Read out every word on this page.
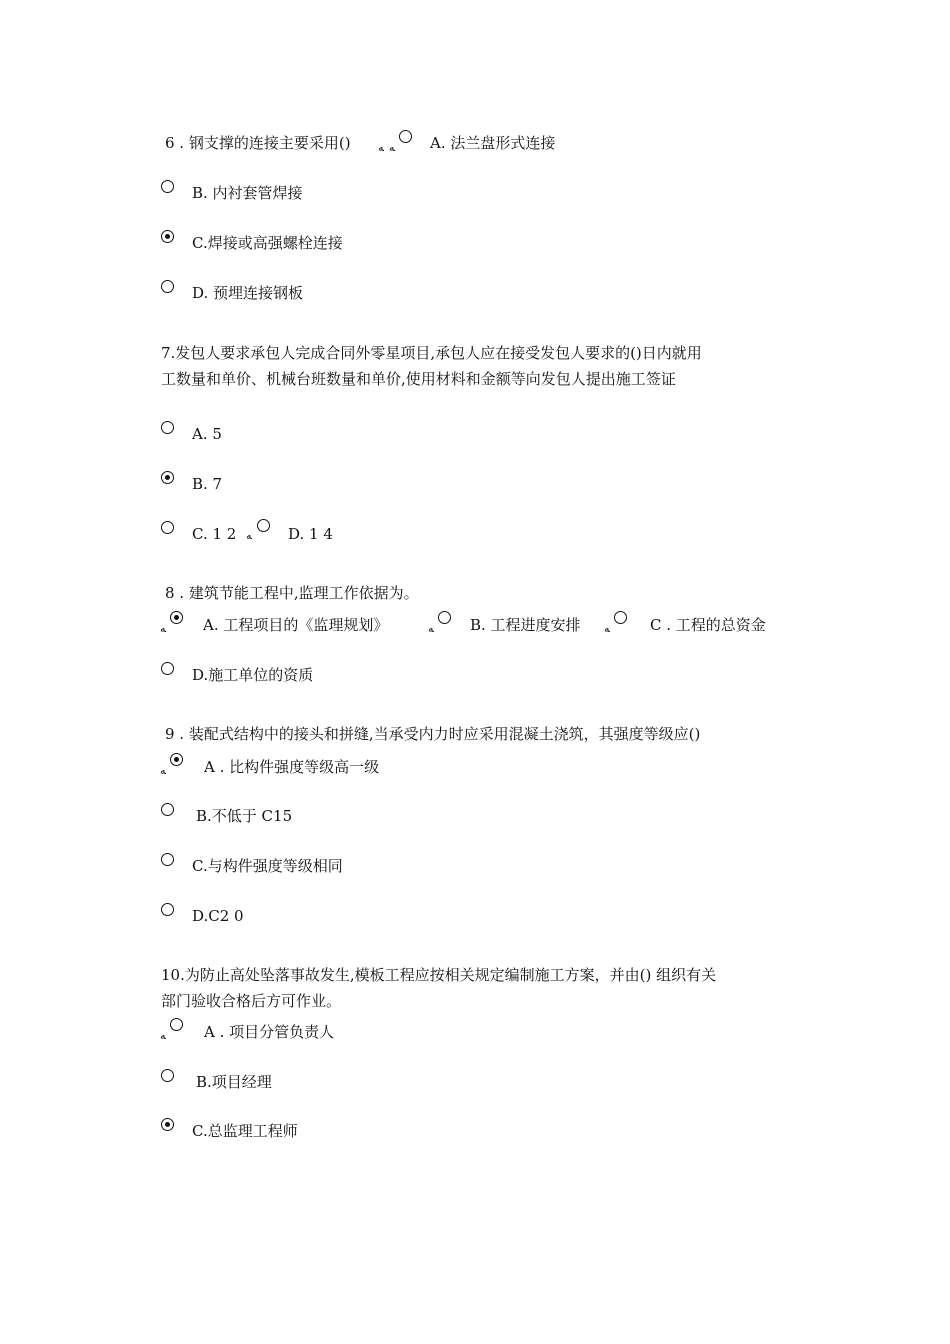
6 . 钢支撑的连接主要采用() ﻪ ﻪ A. 法兰盘形式连接
B. 内衬套管焊接
C.焊接或高强螺栓连接
D. 预埋连接钢板
7.发包人要求承包人完成合同外零星项目,承包人应在接受发包人要求的()日内就用
工数量和单价、机械台班数量和单价,使用材料和金额等向发包人提出施工签证
A. 5
B. 7
C. 1 2 ﻪ D. 1 4
8 . 建筑节能工程中,监理工作依据为。
ﻪ A. 工程项目的《监理规划》	ﻪ B. 工程进度安排 ﻪ	C . 工程的总资金
D.施工单位的资质
9 . 装配式结构中的接头和拼缝,当承受内力时应采用混凝土浇筑，其强度等级应()
ﻪ	A . 比构件强度等级高一级
B.不低于 C15
C.与构件强度等级相同
D.C2 0
10.为防止高处坠落事故发生,模板工程应按相关规定编制施工方案，并由() 组织有关
部门验收合格后方可作业。
ﻪ	A . 项目分管负责人
B.项目经理
C.总监理工程师
